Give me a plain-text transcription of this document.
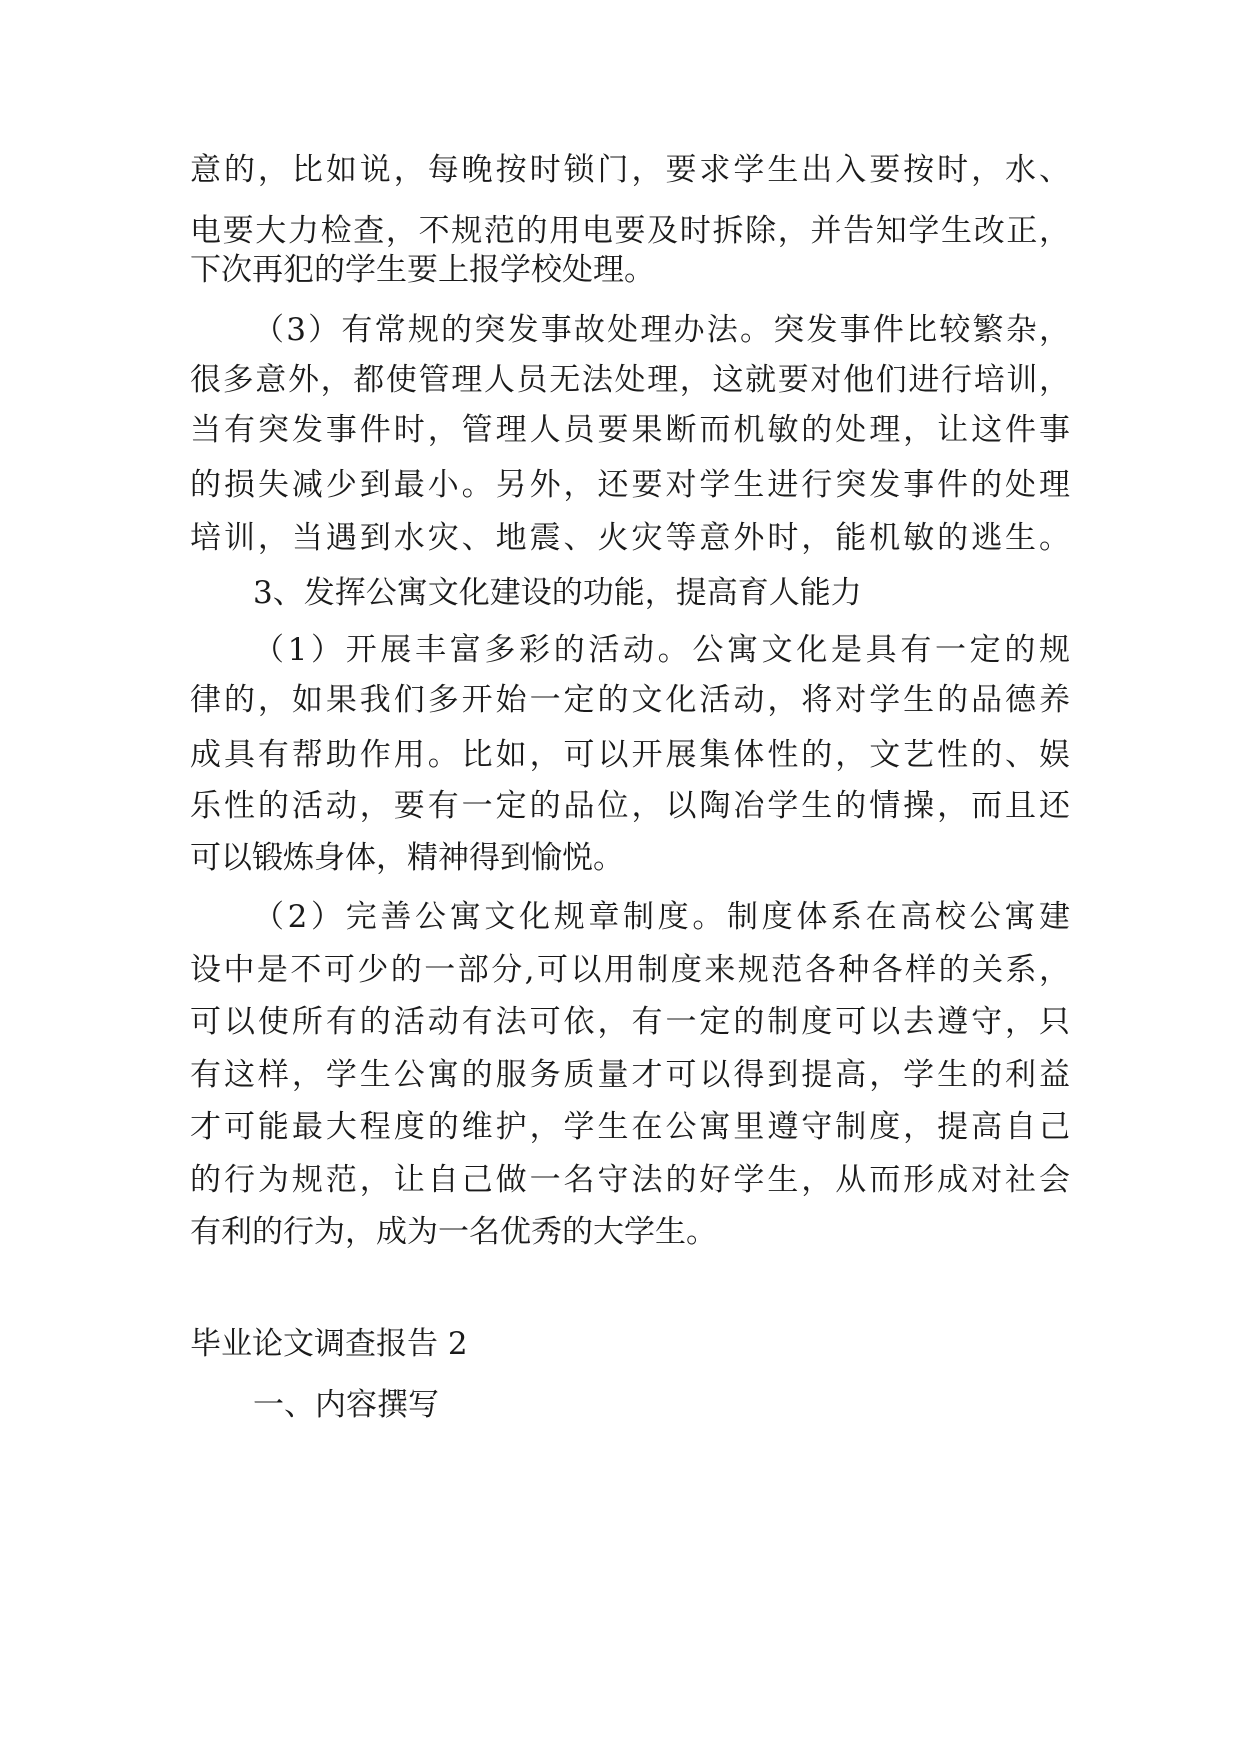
意的，比如说，每晚按时锁门，要求学生出入要按时，水、
电要大力检查，不规范的用电要及时拆除，并告知学生改正，
下次再犯的学生要上报学校处理。
（3）有常规的突发事故处理办法。突发事件比较繁杂，
很多意外，都使管理人员无法处理，这就要对他们进行培训，
当有突发事件时，管理人员要果断而机敏的处理，让这件事
的损失减少到最小。另外，还要对学生进行突发事件的处理
培训，当遇到水灾、地震、火灾等意外时，能机敏的逃生。
3、发挥公寓文化建设的功能，提高育人能力
（1）开展丰富多彩的活动。公寓文化是具有一定的规
律的，如果我们多开始一定的文化活动，将对学生的品德养
成具有帮助作用。比如，可以开展集体性的，文艺性的、娱
乐性的活动，要有一定的品位，以陶冶学生的情操，而且还
可以锻炼身体，精神得到愉悦。
（2）完善公寓文化规章制度。制度体系在高校公寓建
设中是不可少的一部分,可以用制度来规范各种各样的关系，
可以使所有的活动有法可依，有一定的制度可以去遵守，只
有这样，学生公寓的服务质量才可以得到提高，学生的利益
才可能最大程度的维护，学生在公寓里遵守制度，提高自己
的行为规范，让自己做一名守法的好学生，从而形成对社会
有利的行为，成为一名优秀的大学生。
毕业论文调查报告 2
一、内容撰写
